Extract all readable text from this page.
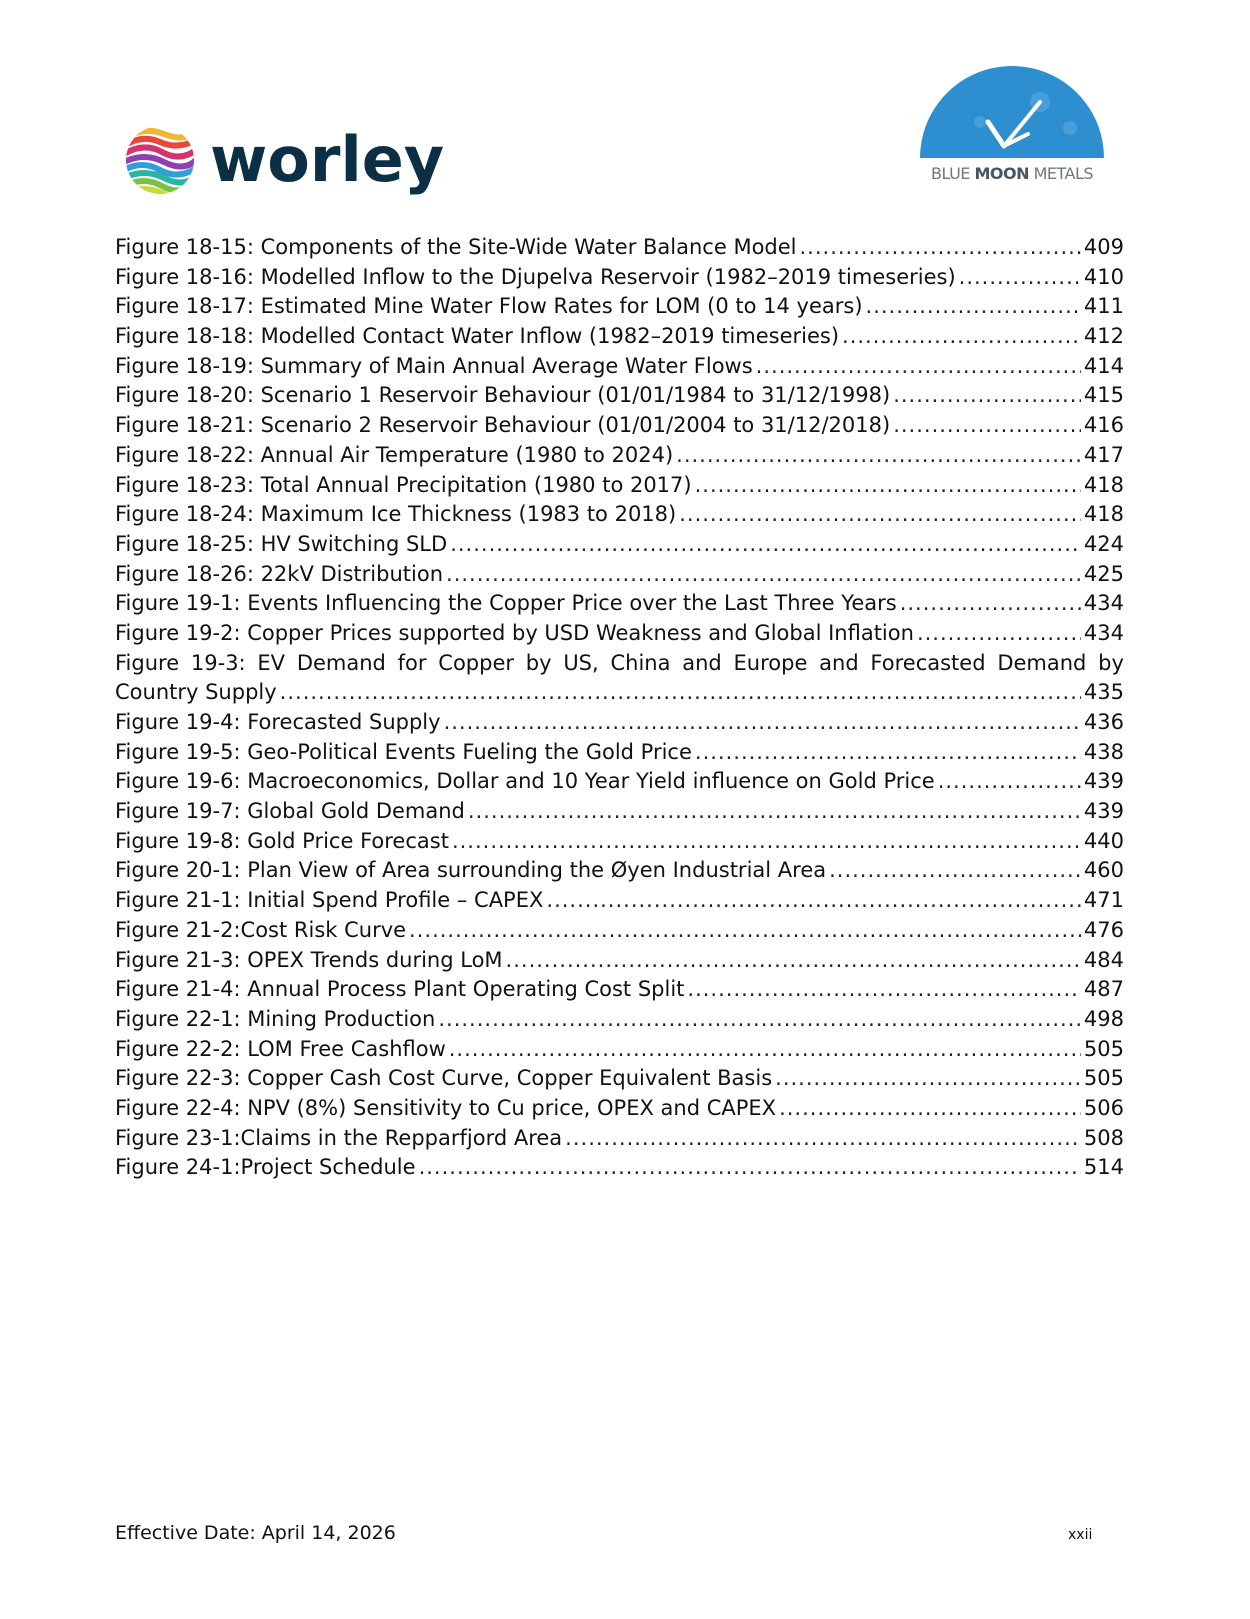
worley	BLUE MOON METALS
Figure 18-15: Components of the Site-Wide Water Balance Model .....	409
Figure 18-16: Modelled Inflow to the Djupelva Reservoir (1982–2019 timeseries) .....	410
Figure 18-17: Estimated Mine Water Flow Rates for LOM (0 to 14 years) .....	411
Figure 18-18: Modelled Contact Water Inflow (1982–2019 timeseries) .....	412
Figure 18-19: Summary of Main Annual Average Water Flows .....	414
Figure 18-20: Scenario 1 Reservoir Behaviour (01/01/1984 to 31/12/1998) .....	415
Figure 18-21: Scenario 2 Reservoir Behaviour (01/01/2004 to 31/12/2018) .....	416
Figure 18-22: Annual Air Temperature (1980 to 2024) .....	417
Figure 18-23: Total Annual Precipitation (1980 to 2017) .....	418
Figure 18-24: Maximum Ice Thickness (1983 to 2018) .....	418
Figure 18-25: HV Switching SLD .....	424
Figure 18-26: 22kV Distribution .....	425
Figure 19-1: Events Influencing the Copper Price over the Last Three Years .....	434
Figure 19-2: Copper Prices supported by USD Weakness and Global Inflation .....	434
Figure 19-3: EV Demand for Copper by US, China and Europe and Forecasted Demand by
Country Supply .....	435
Figure 19-4: Forecasted Supply .....	436
Figure 19-5: Geo-Political Events Fueling the Gold Price .....	438
Figure 19-6: Macroeconomics, Dollar and 10 Year Yield influence on Gold Price .....	439
Figure 19-7: Global Gold Demand .....	439
Figure 19-8: Gold Price Forecast .....	440
Figure 20-1: Plan View of Area surrounding the Øyen Industrial Area .....	460
Figure 21-1: Initial Spend Profile – CAPEX .....	471
Figure 21-2:Cost Risk Curve .....	476
Figure 21-3: OPEX Trends during LoM .....	484
Figure 21-4: Annual Process Plant Operating Cost Split .....	487
Figure 22-1: Mining Production .....	498
Figure 22-2: LOM Free Cashflow .....	505
Figure 22-3: Copper Cash Cost Curve, Copper Equivalent Basis .....	505
Figure 22-4: NPV (8%) Sensitivity to Cu price, OPEX and CAPEX .....	506
Figure 23-1:Claims in the Repparfjord Area .....	508
Figure 24-1:Project Schedule .....	514
Effective Date: April 14, 2026	xxii
